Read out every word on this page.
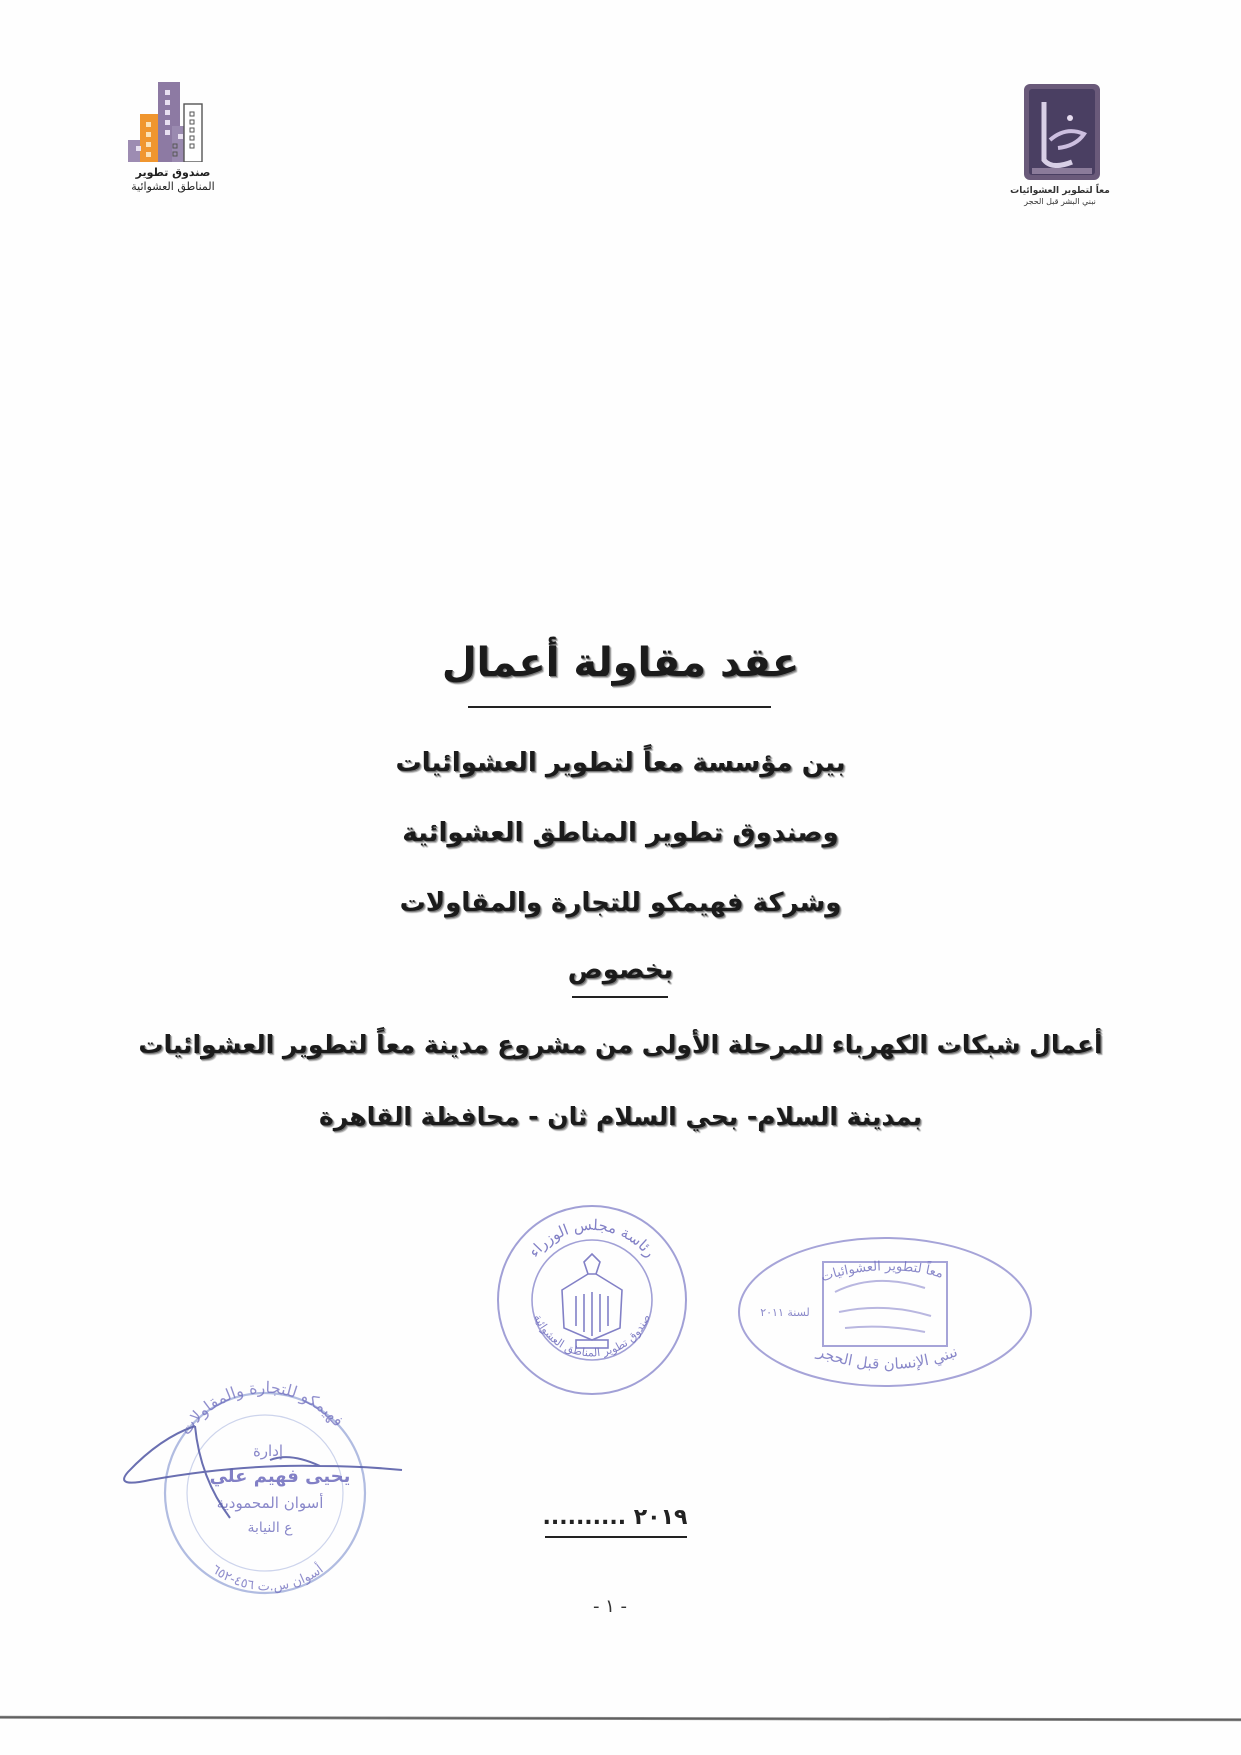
صندوق تطوير
المناطق العشوائية	معاً لتطوير العشوائيات
نبني البشر قبل الحجر
عقد مقاولة أعمال
بين مؤسسة معاً لتطوير العشوائيات
وصندوق تطوير المناطق العشوائية
وشركة فهيمكو للتجارة والمقاولات
بخصوص
أعمال شبكات الكهرباء للمرحلة الأولى من مشروع مدينة معاً لتطوير العشوائيات
بمدينة السلام- بحي السلام ثان - محافظة القاهرة
رئاسة مجلس الوزراء
صندوق تطوير المناطق العشوائية
معاً لتطوير العشوائيات
نبني الإنسان قبل الحجر
لسنة ٢٠١١
فهيمكو للتجارة والمقاولات
أسوان س.ت ٤٥٦-٦٥٢
إدارة
يحيى فهيم علي
أسوان المحمودية
ع النيابة	٢٠١٩ ..........
- ١ -
